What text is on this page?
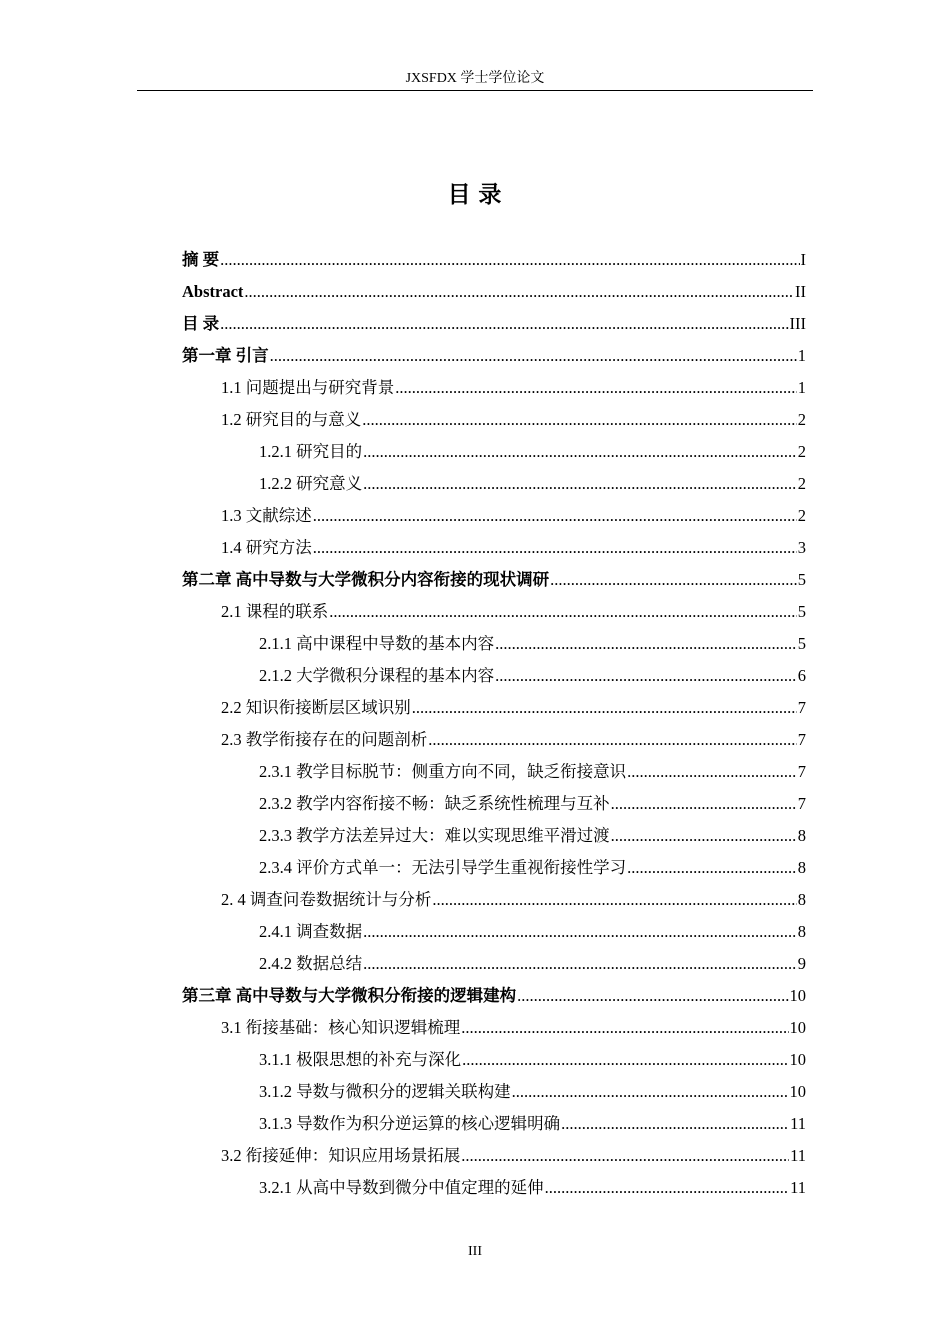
JXSFDX 学士学位论文
目 录
摘 要 .....	I
Abstract .....	II
目 录 .....	III
第一章 引言 .....	1
1.1 问题提出与研究背景 .....	1
1.2 研究目的与意义 .....	2
1.2.1 研究目的 .....	2
1.2.2 研究意义 .....	2
1.3 文献综述 .....	2
1.4 研究方法 .....	3
第二章 高中导数与大学微积分内容衔接的现状调研 .....	5
2.1 课程的联系 .....	5
2.1.1 高中课程中导数的基本内容 .....	5
2.1.2 大学微积分课程的基本内容 .....	6
2.2 知识衔接断层区域识别 .....	7
2.3 教学衔接存在的问题剖析 .....	7
2.3.1 教学目标脱节：侧重方向不同，缺乏衔接意识 .....	7
2.3.2 教学内容衔接不畅：缺乏系统性梳理与互补 .....	7
2.3.3 教学方法差异过大：难以实现思维平滑过渡 .....	8
2.3.4 评价方式单一：无法引导学生重视衔接性学习 .....	8
2. 4 调查问卷数据统计与分析 .....	8
2.4.1 调查数据 .....	8
2.4.2 数据总结 .....	9
第三章 高中导数与大学微积分衔接的逻辑建构 .....	10
3.1 衔接基础：核心知识逻辑梳理 .....	10
3.1.1 极限思想的补充与深化 .....	10
3.1.2 导数与微积分的逻辑关联构建 .....	10
3.1.3 导数作为积分逆运算的核心逻辑明确 .....	11
3.2 衔接延伸：知识应用场景拓展 .....	11
3.2.1 从高中导数到微分中值定理的延伸 .....	11
III
